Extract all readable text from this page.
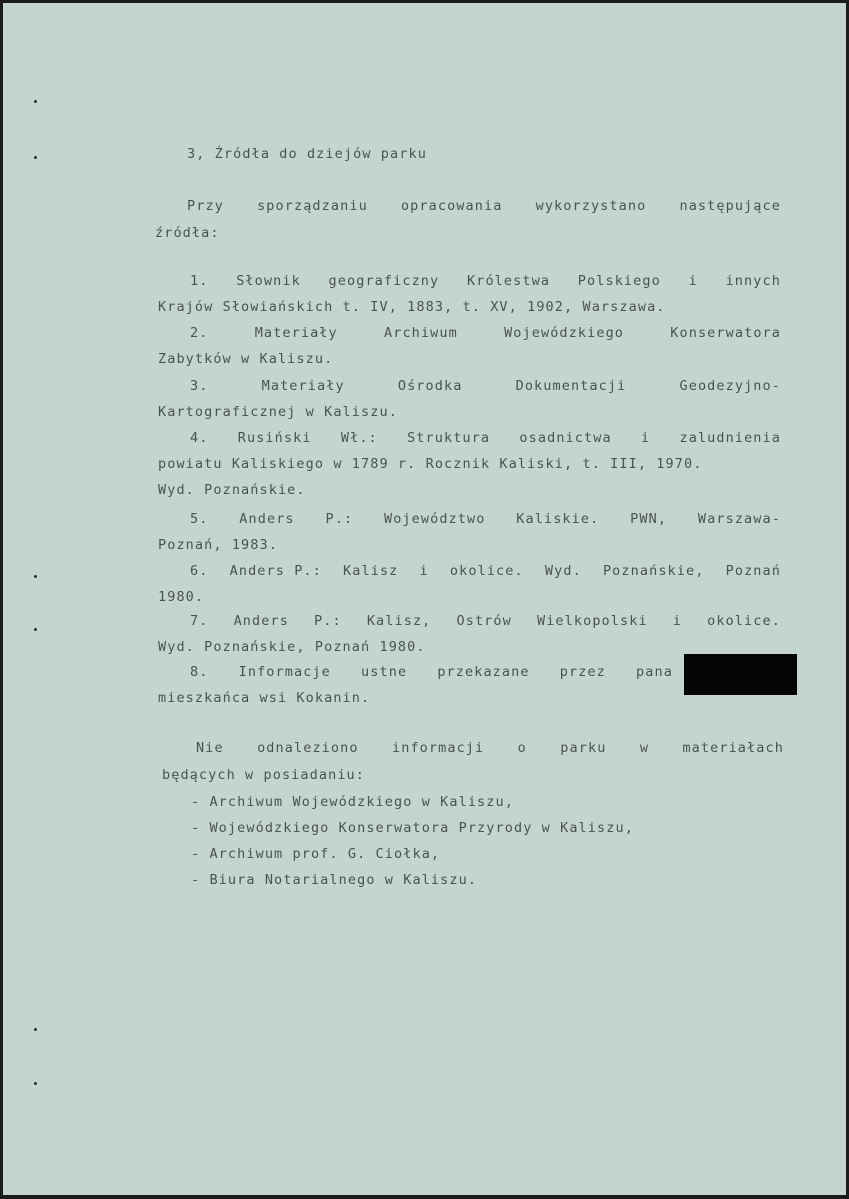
3, Źródła do dziejów parku
Przy sporządzaniu opracowania wykorzystano następujące
źródła:
1. Słownik geograficzny Królestwa Polskiego i innych
Krajów Słowiańskich t. IV, 1883, t. XV, 1902, Warszawa.
2.	Materiały	Archiwum	Wojewódzkiego	Konserwatora
Zabytków w Kaliszu.
3.	Materiały	Ośrodka	Dokumentacji	Geodezyjno-
Kartograficznej w Kaliszu.
4. Rusiński Wł.: Struktura osadnictwa i zaludnienia
powiatu Kaliskiego w 1789 r. Rocznik Kaliski, t. III, 1970.
Wyd. Poznańskie.
5. Anders P.: Województwo Kaliskie. PWN, Warszawa-
Poznań, 1983.
6. Anders P.: Kalisz i okolice. Wyd. Poznańskie, Poznań
1980.
7. Anders P.: Kalisz, Ostrów Wielkopolski i okolice.
Wyd. Poznańskie, Poznań 1980.
8. Informacje ustne przekazane przez pana
mieszkańca wsi Kokanin.
Nie odnaleziono informacji o parku w materiałach
będących w posiadaniu:
- Archiwum Wojewódzkiego w Kaliszu,
- Wojewódzkiego Konserwatora Przyrody w Kaliszu,
- Archiwum prof. G. Ciołka,
- Biura Notarialnego w Kaliszu.
